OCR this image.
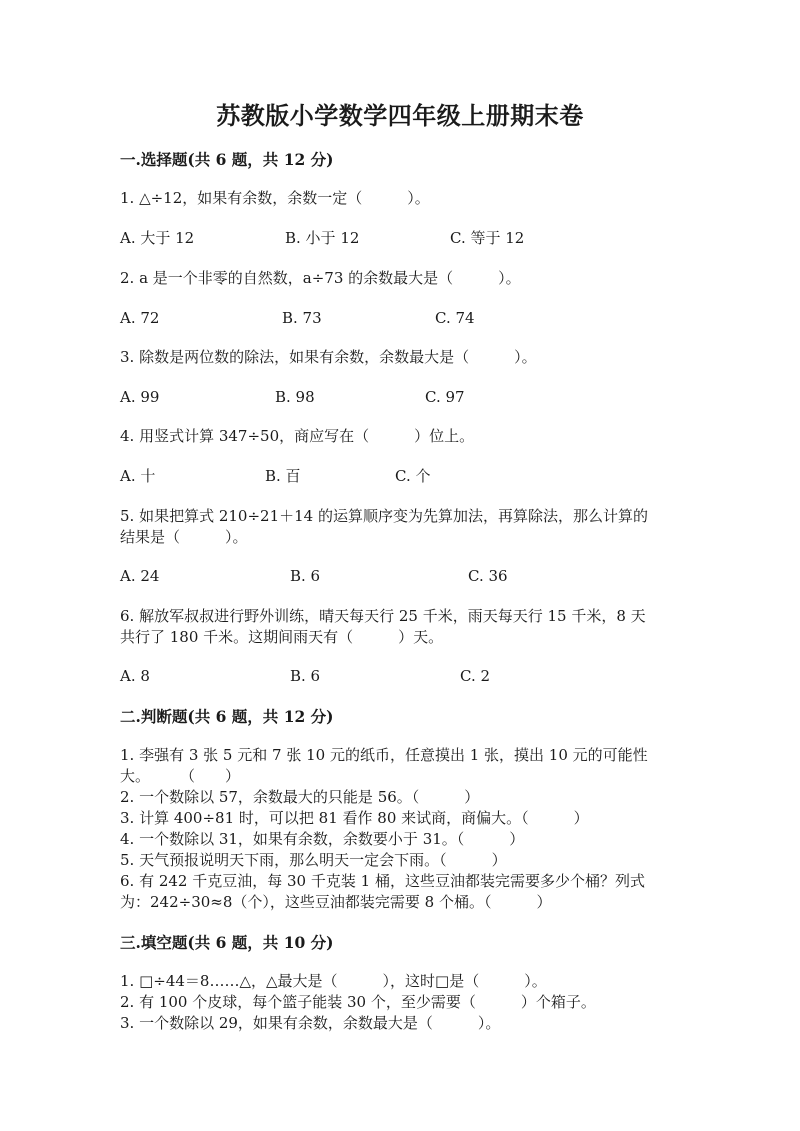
苏教版小学数学四年级上册期末卷
一.选择题(共 6 题，共 12 分)
1. △÷12，如果有余数，余数一定（　　　）。
A. 大于 12	B. 小于 12	C. 等于 12
2. a 是一个非零的自然数，a÷73 的余数最大是（　　　）。
A. 72	B. 73	C. 74
3. 除数是两位数的除法，如果有余数，余数最大是（　　　）。
A. 99	B. 98	C. 97
4. 用竖式计算 347÷50，商应写在（　　　）位上。
A. 十	B. 百	C. 个
5. 如果把算式 210÷21＋14 的运算顺序变为先算加法，再算除法，那么计算的
结果是（　　　）。
A. 24	B. 6	C. 36
6. 解放军叔叔进行野外训练，晴天每天行 25 千米，雨天每天行 15 千米，8 天
共行了 180 千米。这期间雨天有（　　　）天。
A. 8	B. 6	C. 2
二.判断题(共 6 题，共 12 分)
1. 李强有 3 张 5 元和 7 张 10 元的纸币，任意摸出 1 张，摸出 10 元的可能性
大。　　　（　　）
2. 一个数除以 57，余数最大的只能是 56。（　　　）
3. 计算 400÷81 时，可以把 81 看作 80 来试商，商偏大。（　　　）
4. 一个数除以 31，如果有余数，余数要小于 31。（　　　）
5. 天气预报说明天下雨，那么明天一定会下雨。（　　　）
6. 有 242 千克豆油，每 30 千克装 1 桶，这些豆油都装完需要多少个桶？列式
为：242÷30≈8（个），这些豆油都装完需要 8 个桶。（　　　）
三.填空题(共 6 题，共 10 分)
1. □÷44＝8……△，△最大是（　　　），这时□是（　　　）。
2. 有 100 个皮球，每个篮子能装 30 个，至少需要（　　　）个箱子。
3. 一个数除以 29，如果有余数，余数最大是（　　　）。
